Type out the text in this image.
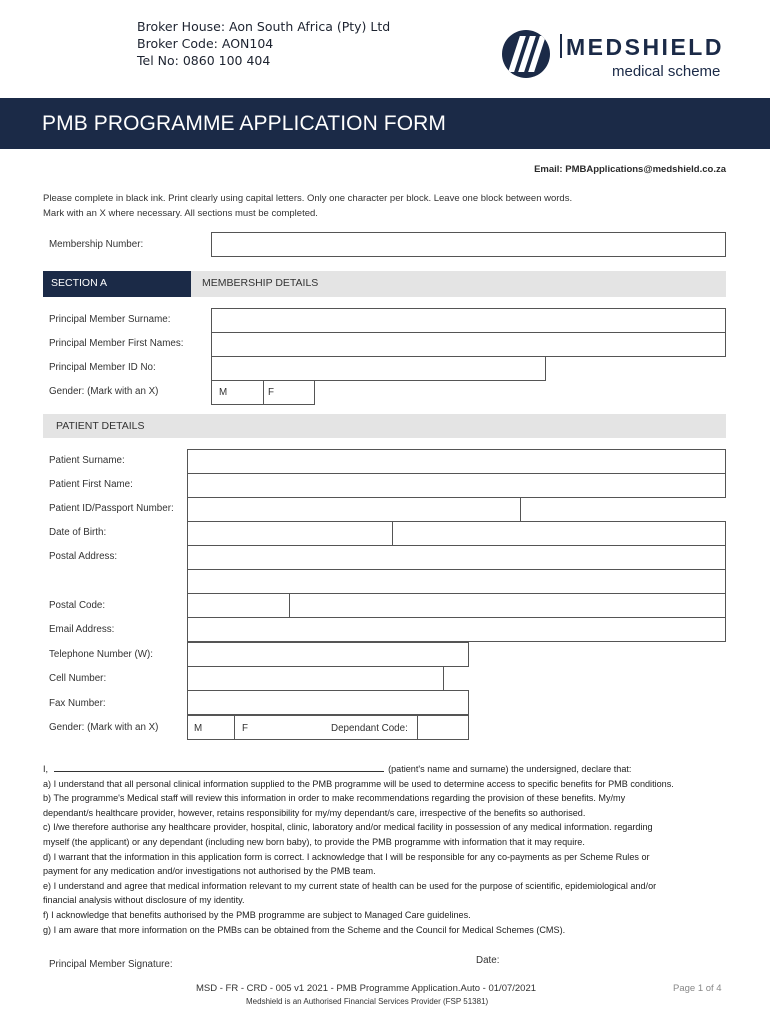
Broker House: Aon South Africa (Pty) Ltd
Broker Code: AON104
Tel No: 0860 100 404
MEDSHIELD
medical scheme
PMB PROGRAMME APPLICATION FORM
Email: PMBApplications@medshield.co.za
Please complete in black ink. Print clearly using capital letters. Only one character per block. Leave one block between words.
Mark with an X where necessary. All sections must be completed.
Membership Number:
SECTION A	MEMBERSHIP DETAILS
Principal Member Surname:
Principal Member First Names:
Principal Member ID No:
Gender: (Mark with an X)	M	F
PATIENT DETAILS
Patient Surname:
Patient First Name:
Patient ID/Passport Number:
Date of Birth:
Postal Address:
Postal Code:
Email Address:
Telephone Number (W):
Cell Number:
Fax Number:
Gender: (Mark with an X)	M	F	Dependant Code:
I,	(patient's name and surname) the undersigned, declare that:
a) I understand that all personal clinical information supplied to the PMB programme will be used to determine access to specific benefits for PMB conditions.
b) The programme's Medical staff will review this information in order to make recommendations regarding the provision of these benefits. My/my
dependant/s healthcare provider, however, retains responsibility for my/my dependant/s care, irrespective of the benefits so authorised.
c) I/we therefore authorise any healthcare provider, hospital, clinic, laboratory and/or medical facility in possession of any medical information. regarding
myself (the applicant) or any dependant (including new born baby), to provide the PMB programme with information that it may require.
d) I warrant that the information in this application form is correct. I acknowledge that I will be responsible for any co-payments as per Scheme Rules or
payment for any medication and/or investigations not authorised by the PMB team.
e) I understand and agree that medical information relevant to my current state of health can be used for the purpose of scientific, epidemiological and/or
financial analysis without disclosure of my identity.
f) I acknowledge that benefits authorised by the PMB programme are subject to Managed Care guidelines.
g) I am aware that more information on the PMBs can be obtained from the Scheme and the Council for Medical Schemes (CMS).
Principal Member Signature:	Date:
MSD - FR - CRD - 005 v1 2021 - PMB Programme Application.Auto - 01/07/2021	Page 1 of 4
Medshield is an Authorised Financial Services Provider (FSP 51381)
